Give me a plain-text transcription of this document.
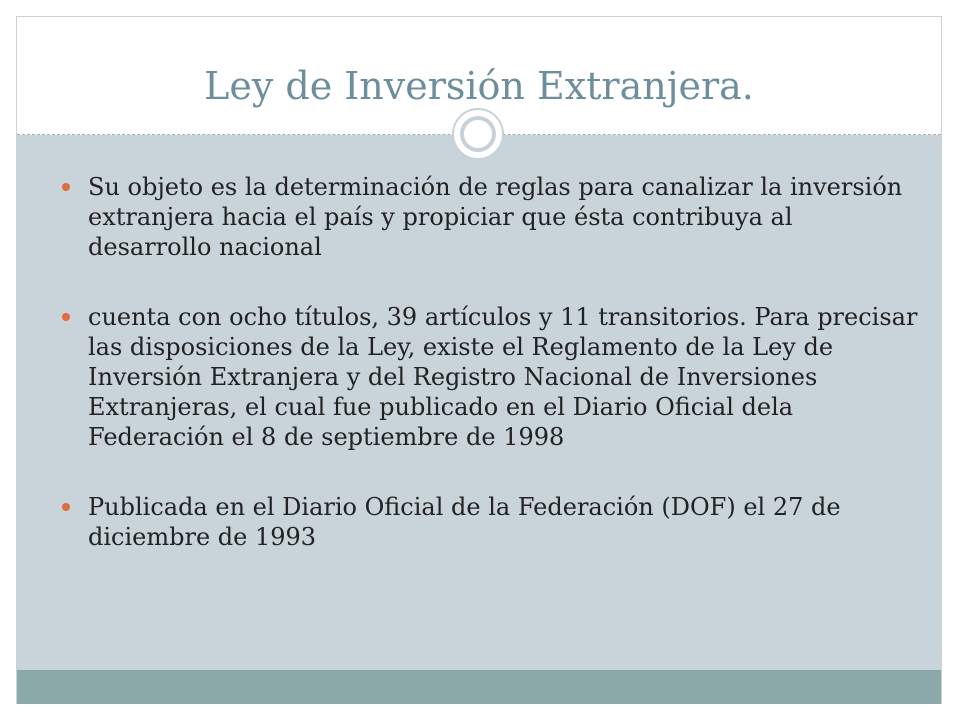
Ley de Inversión Extranjera.
Su objeto es la determinación de reglas para canalizar la inversión extranjera hacia el país y propiciar que ésta contribuya al desarrollo nacional
cuenta con ocho títulos, 39 artículos y 11 transitorios. Para precisar las disposiciones de la Ley, existe el Reglamento de la Ley de Inversión Extranjera y del Registro Nacional de Inversiones Extranjeras, el cual fue publicado en el Diario Oficial dela Federación el 8 de septiembre de 1998
Publicada en el Diario Oficial de la Federación (DOF) el 27 de diciembre de 1993
